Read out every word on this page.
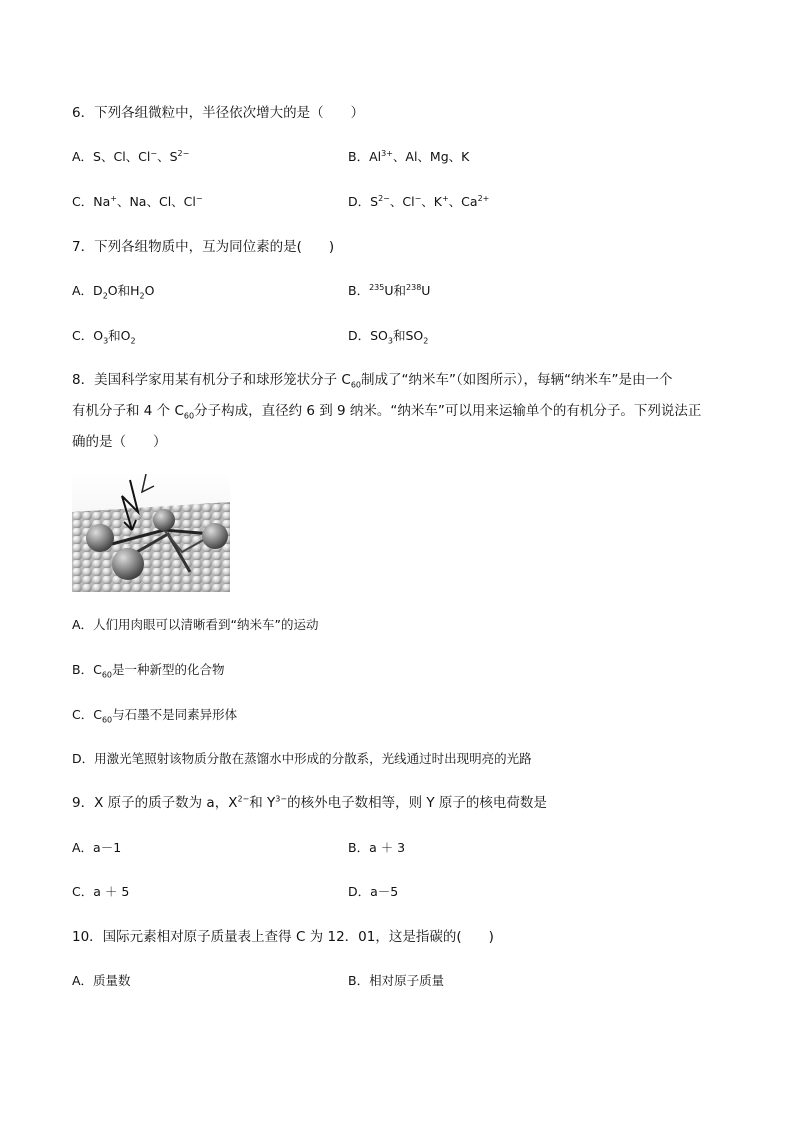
6．下列各组微粒中，半径依次增大的是（　　）
A．S、Cl、Cl−、$S^{2-}$	B．$Al^{3+}$、Al、Mg、K
C．Na+、Na、Cl、Cl−	D．$S^{2-}$、Cl−、K+、$Ca^{2+}$
7．下列各组物质中，互为同位素的是(　　)
A．$D_2O$和$H_2O$	B．$^{235}$U和$^{238}$U
C．$O_3$和$O_2$	D．$SO_3$和$SO_2$
8．美国科学家用某有机分子和球形笼状分子 $C_{60}$制成了“纳米车”（如图所示），每辆“纳米车”是由一个
有机分子和 4 个 $C_{60}$分子构成，直径约 6 到 9 纳米。“纳米车”可以用来运输单个的有机分子。下列说法正
确的是（　　）
A．人们用肉眼可以清晰看到“纳米车”的运动
B．$C_{60}$是一种新型的化合物
C．$C_{60}$与石墨不是同素异形体
D．用激光笔照射该物质分散在蒸馏水中形成的分散系，光线通过时出现明亮的光路
9．X 原子的质子数为 a，$X^{2-}$和 $Y^{3-}$的核外电子数相等，则 Y 原子的核电荷数是
A．a－1	B．a ＋ 3
C．a ＋ 5	D．a－5
10．国际元素相对原子质量表上查得 C 为 12．01，这是指碳的(　　)
A．质量数	B．相对原子质量
